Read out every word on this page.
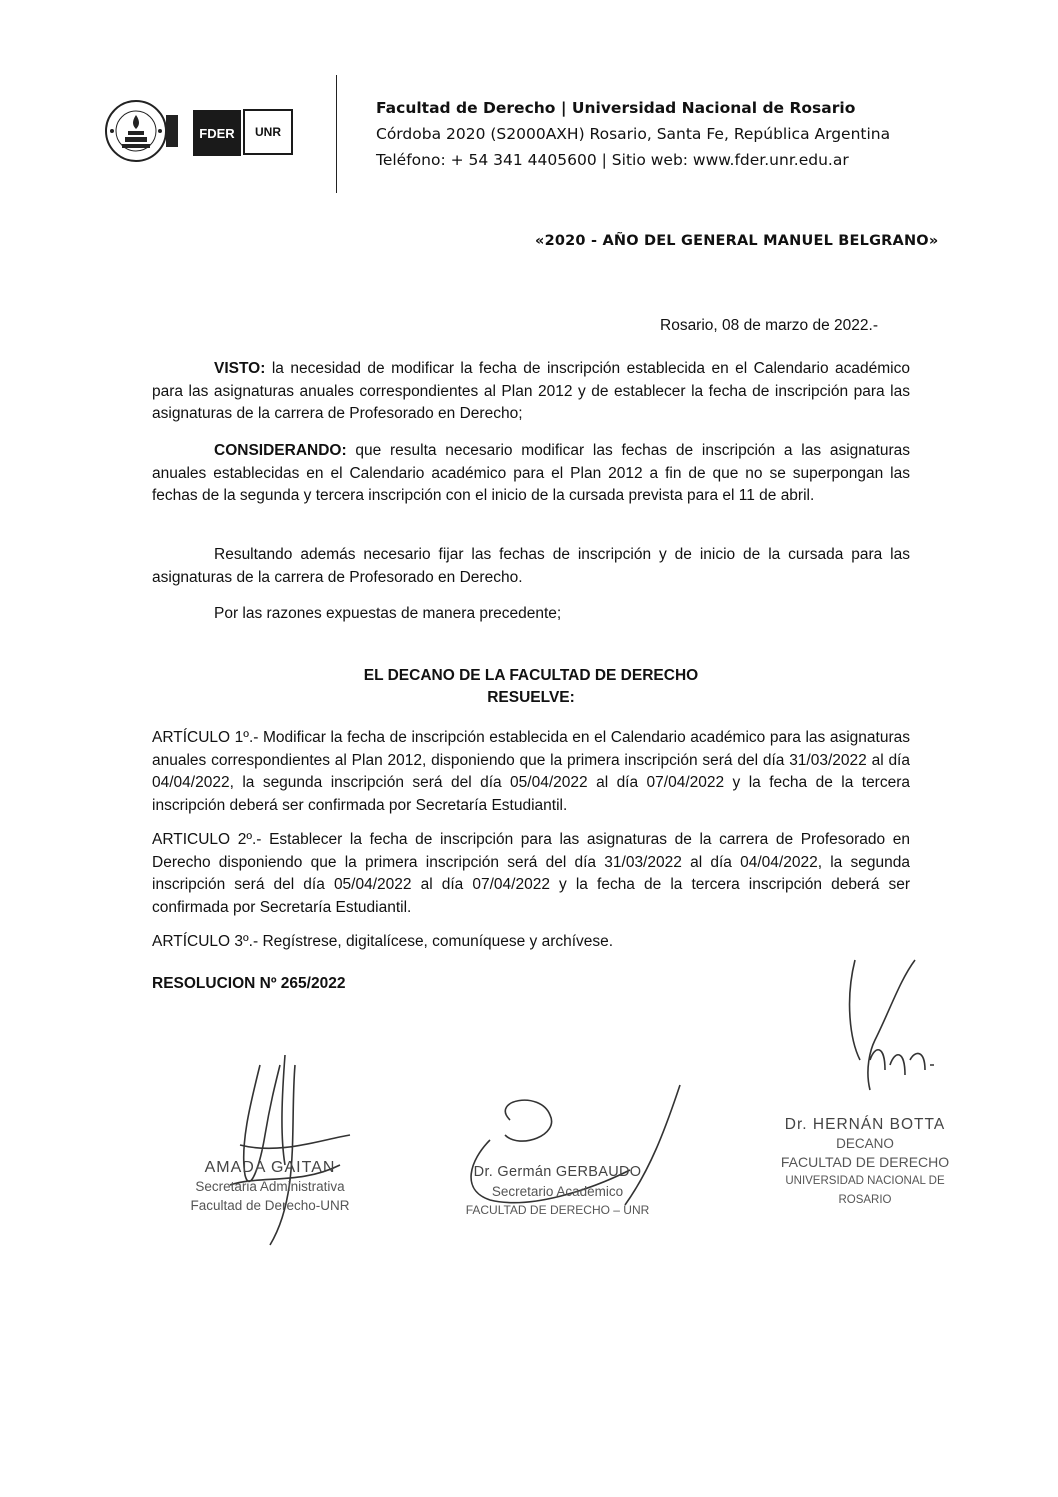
FDER	UNR
Facultad de Derecho | Universidad Nacional de Rosario
Córdoba 2020 (S2000AXH) Rosario, Santa Fe, República Argentina
Teléfono: + 54 341 4405600 | Sitio web: www.fder.unr.edu.ar
«2020 - AÑO DEL GENERAL MANUEL BELGRANO»
Rosario, 08 de marzo de 2022.-
VISTO: la necesidad de modificar la fecha de inscripción establecida en el Calendario académico para las asignaturas anuales correspondientes al Plan 2012 y de establecer la fecha de inscripción para las asignaturas de la carrera de Profesorado en Derecho;
CONSIDERANDO: que resulta necesario modificar las fechas de inscripción a las asignaturas anuales establecidas en el Calendario académico para el Plan 2012 a fin de que no se superpongan las fechas de la segunda y tercera inscripción con el inicio de la cursada prevista para el 11 de abril.
Resultando además necesario fijar las fechas de inscripción y de inicio de la cursada para las asignaturas de la carrera de Profesorado en Derecho.
Por las razones expuestas de manera precedente;
EL DECANO DE LA FACULTAD DE DERECHO
RESUELVE:
ARTÍCULO 1º.- Modificar la fecha de inscripción establecida en el Calendario académico para las asignaturas anuales correspondientes al Plan 2012, disponiendo que la primera inscripción será del día 31/03/2022 al día 04/04/2022, la segunda inscripción será del día 05/04/2022 al día 07/04/2022 y la fecha de la tercera inscripción deberá ser confirmada por Secretaría Estudiantil.
ARTICULO 2º.- Establecer la fecha de inscripción para las asignaturas de la carrera de Profesorado en Derecho disponiendo que la primera inscripción será del día 31/03/2022 al día 04/04/2022, la segunda inscripción será del día 05/04/2022 al día 07/04/2022 y la fecha de la tercera inscripción deberá ser confirmada por Secretaría Estudiantil.
ARTÍCULO 3º.- Regístrese, digitalícese, comuníquese y archívese.
RESOLUCION Nº 265/2022
AMADA GAITAN
Secretaria Administrativa
Facultad de Derecho-UNR
Dr. Germán GERBAUDO
Secretario Academico
FACULTAD DE DERECHO – UNR
Dr. HERNÁN BOTTA
DECANO
FACULTAD DE DERECHO
UNIVERSIDAD NACIONAL DE ROSARIO
